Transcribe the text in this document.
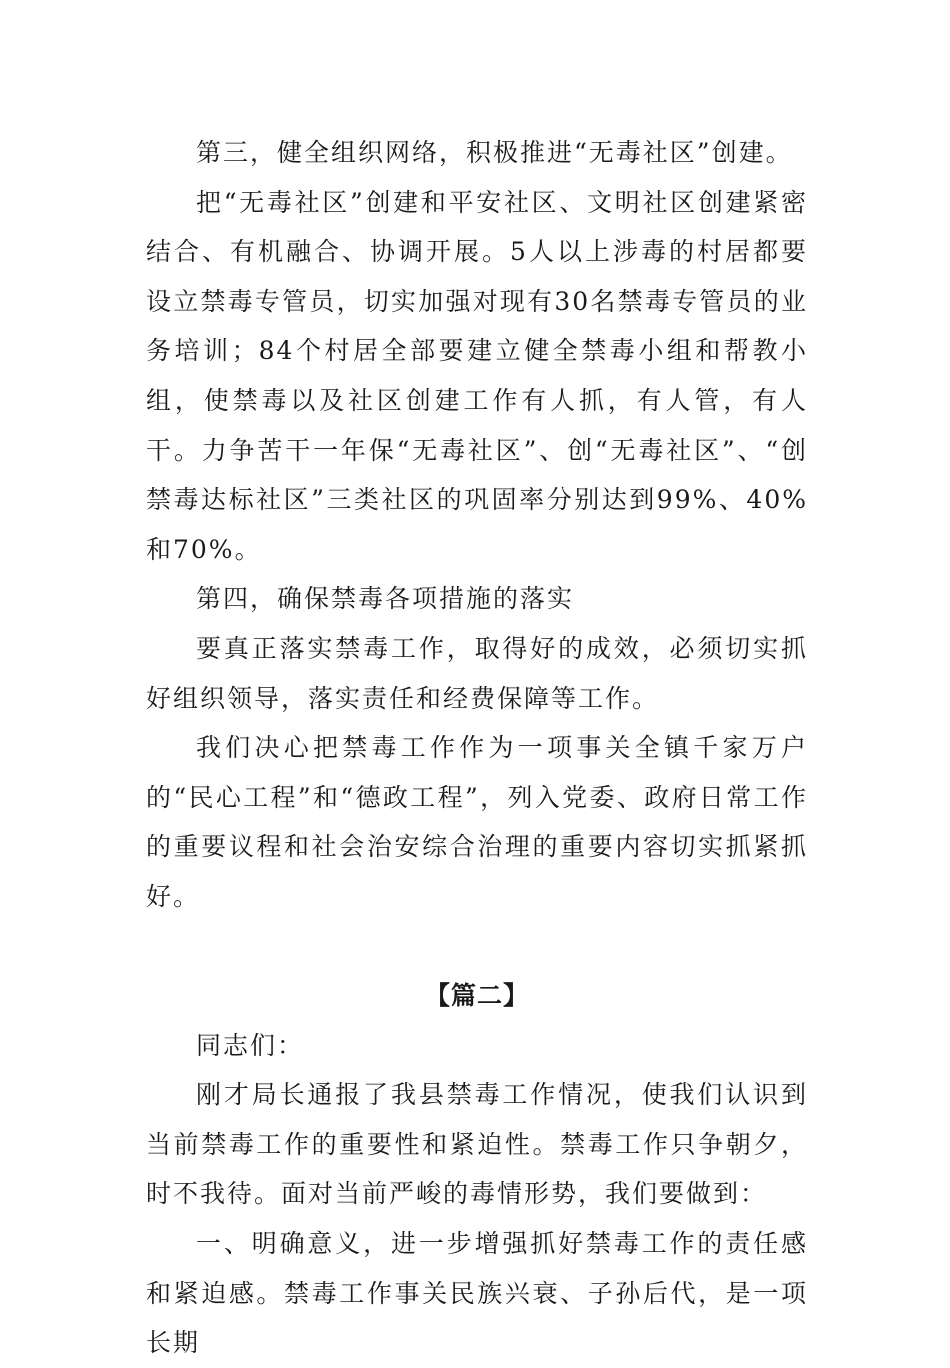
第三，健全组织网络，积极推进“无毒社区”创建。

把“无毒社区”创建和平安社区、文明社区创建紧密结合、有机融合、协调开展。5人以上涉毒的村居都要设立禁毒专管员，切实加强对现有30名禁毒专管员的业务培训；84个村居全部要建立健全禁毒小组和帮教小组，使禁毒以及社区创建工作有人抓，有人管，有人干。力争苦干一年保“无毒社区”、创“无毒社区”、“创禁毒达标社区”三类社区的巩固率分别达到99%、40%和70%。

第四，确保禁毒各项措施的落实

要真正落实禁毒工作，取得好的成效，必须切实抓好组织领导，落实责任和经费保障等工作。

我们决心把禁毒工作作为一项事关全镇千家万户的“民心工程”和“德政工程”，列入党委、政府日常工作的重要议程和社会治安综合治理的重要内容切实抓紧抓好。

【篇二】

同志们：

刚才局长通报了我县禁毒工作情况，使我们认识到当前禁毒工作的重要性和紧迫性。禁毒工作只争朝夕，时不我待。面对当前严峻的毒情形势，我们要做到：

一、明确意义，进一步增强抓好禁毒工作的责任感和紧迫感。禁毒工作事关民族兴衰、子孙后代，是一项长期
